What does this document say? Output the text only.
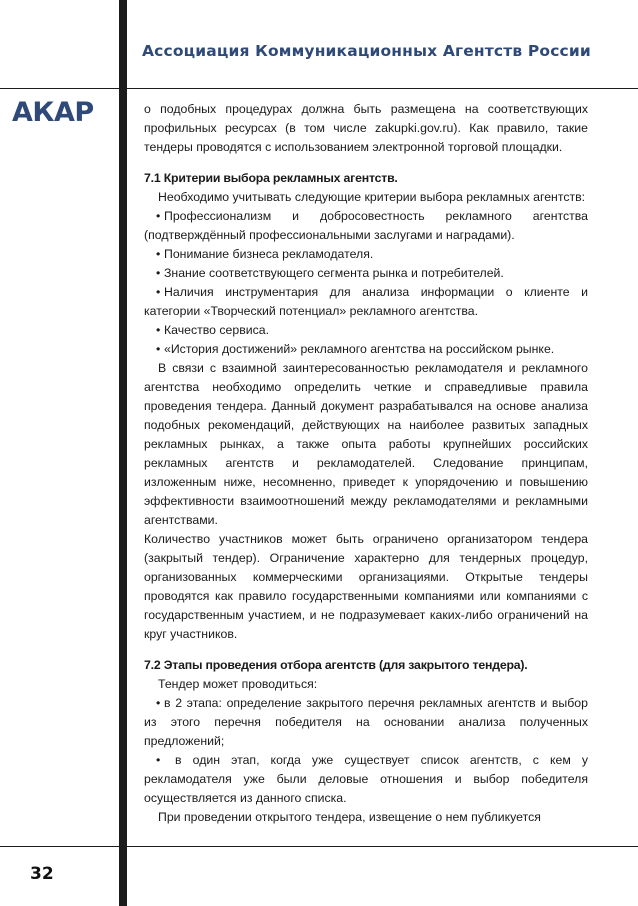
Ассоциация Коммуникационных Агентств России
АКАР
32

о подобных процедурах должна быть размещена на соответствующих профильных ресурсах (в том числе zakupki.gov.ru). Как правило, такие тендеры проводятся с использованием электронной торговой площадки.

7.1 Критерии выбора рекламных агентств.

Необходимо учитывать следующие критерии выбора рекламных агентств:

• Профессионализм и добросовестность рекламного агентства (подтверждённый профессиональными заслугами и наградами).
• Понимание бизнеса рекламодателя.
• Знание соответствующего сегмента рынка и потребителей.
• Наличия инструментария для анализа информации о клиенте и категории «Творческий потенциал» рекламного агентства.
• Качество сервиса.
• «История достижений» рекламного агентства на российском рынке.

В связи с взаимной заинтересованностью рекламодателя и рекламного агентства необходимо определить четкие и справедливые правила проведения тендера. Данный документ разрабатывался на основе анализа подобных рекомендаций, действующих на наиболее развитых западных рекламных рынках, а также опыта работы крупнейших российских рекламных агентств и рекламодателей. Следование принципам, изложенным ниже, несомненно, приведет к упорядочению и повышению эффективности взаимоотношений между рекламодателями и рекламными агентствами.

Количество участников может быть ограничено организатором тендера (закрытый тендер). Ограничение характерно для тендерных процедур, организованных коммерческими организациями. Открытые тендеры проводятся как правило государственными компаниями или компаниями с государственным участием, и не подразумевает каких-либо ограничений на круг участников.

7.2 Этапы проведения отбора агентств (для закрытого тендера).

Тендер может проводиться:

• в 2 этапа: определение закрытого перечня рекламных агентств и выбор из этого перечня победителя на основании анализа полученных предложений;
• в один этап, когда уже существует список агентств, с кем у рекламодателя уже были деловые отношения и выбор победителя осуществляется из данного списка.

При проведении открытого тендера, извещение о нем публикуется
